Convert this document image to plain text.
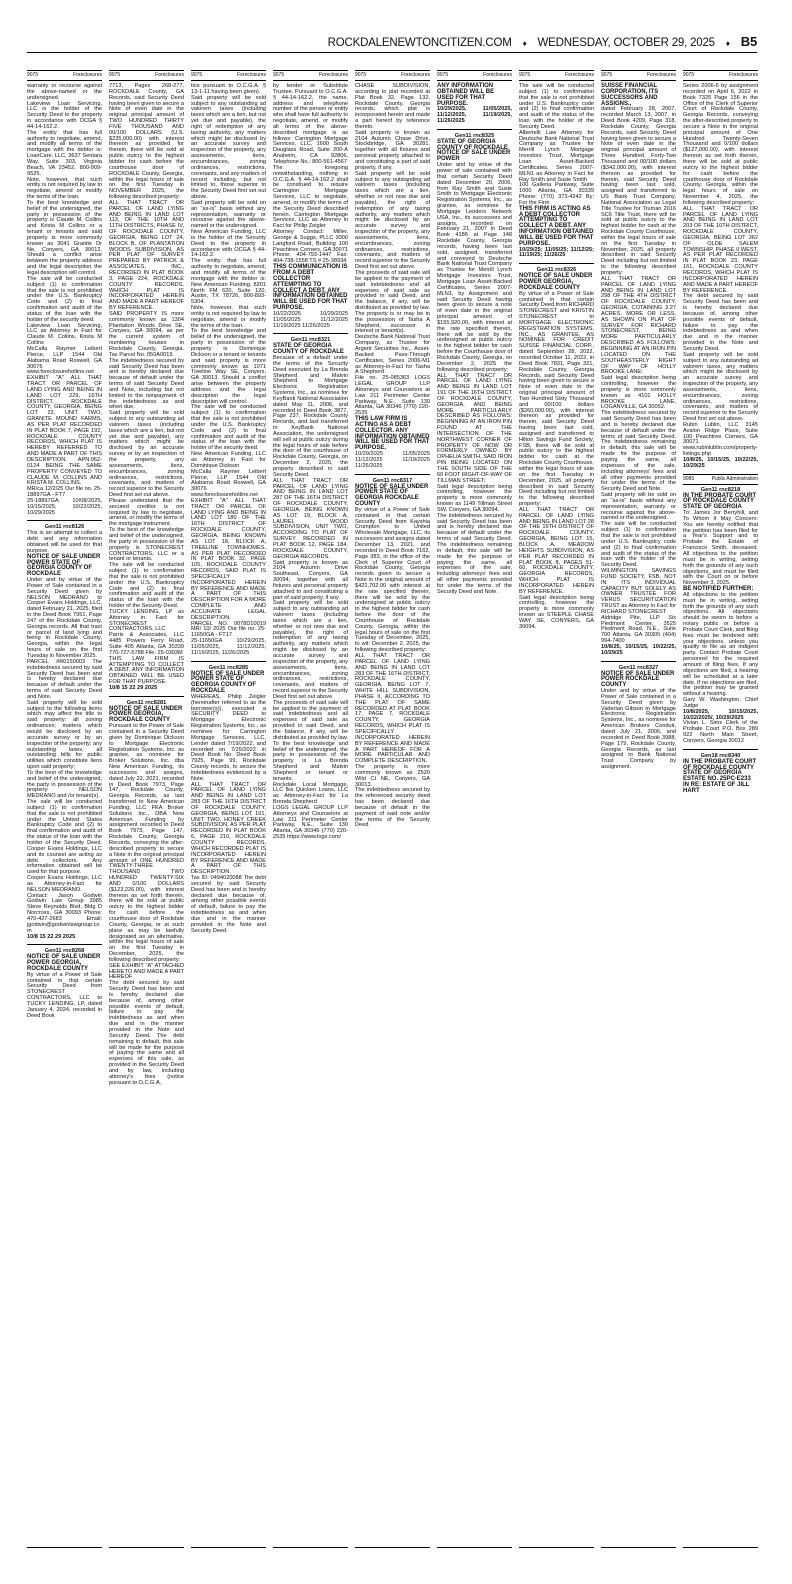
ROCKDALENEWTONCITIZEN.COM ♦ WEDNESDAY, OCTOBER 29, 2025 ♦ B5
9075	Foreclosures

warranty or recourse against the above-named or the undersigned.

Lakeview Loan Servicing, LLC is the holder of the Security Deed to the property in accordance with OCGA § 44-14-162.2.

The entity that has full authority to negotiate, amend, and modify all terms of the mortgage with the debtor is: LoanCare, LLC, 3637 Sentara Way, Suite 303, Virginia Beach, VA 23452, 800-909-9525.

Note, however, that such entity is not required by law to negotiate, amend or modify the terms of the loan.

To the best knowledge and belief of the undersigned, the party in possession of the property is Claude M. Collins and Krista M Collins or a tenant or tenants and said property is more commonly known as 3041 Granite Dr Ne, Conyers, GA 30012. Should a conflict arise between the property address and the legal description the legal description will control.

The sale will be conducted subject (1) to confirmation that the sale is not prohibited under the U.S. Bankruptcy Code and (2) to final confirmation and audit of the status of the loan with the holder of the security deed.

Lakeview Loan Servicing, LLC as Attorney in Fact for Claude M. Collins, Krista M Collins

McCalla Raymer Leibert Pierce, LLP 1544 Old Alabama Road Roswell, GA 30076 www.foreclosurehotline.net

EXHIBIT "A" ALL THAT TRACT OR PARCEL OF LAND LYING AND BEING IN LAND LOT 229, 16TH DISTRICT, ROCKDALE COUNTY, GEORGIA, BEING LOT 22, UNIT TWO, GRANITE MOUND FARMS, AS PER PLAT RECORDED IN PLAT BOOK 7, PAGE 192, ROCKDALE COUNTY RECORDS, WHICH PLAT IS HEREBY REFERRED TO AND MADE A PART OF THIS DESCRIPTION. APN:062-0124 BEING THE SAME PROPERTY CONVEYED TO CLAUDE M. COLLINS AND KRISTA M. COLLINS.

MR/ca 12/2/25 Our file no. 25-18897GA - FT7

25-18897GA 10/08/2025, 10/15/2025, 10/22/2025, 10/29/2025

Gen11 rnc8126

This is an attempt to collect a debt and any information obtained will be used for that purpose.

NOTICE OF SALE UNDER POWER STATE OF GEORGIA COUNTY OF ROCKDALE

Under and by virtue of the Power of Sale contained in a Security Deed given by NELSON MEDRANO to Cooper Evans Holdings, LLC, dated February 21, 2025, filed in the Deed Book 7951, Page 247 of the Rockdale County, Georgia records. All that tract or parcel of land lying and being in Rockdale County, Georgia, within the legal hours of sale on the first Tuesday in November 2025.

PARCEL #R0150003 The indebtedness secured by said Security Deed has been and is hereby declared due because of default under the terms of said Security Deed and Note.

Said property will be sold subject to the following items which may affect the title to said property: all zoning ordinances; matters which would be disclosed by an accurate survey or by an inspection of the property; any outstanding taxes; all outstanding bills for public utilities which constitute liens upon said property;

To the best of the knowledge and belief of the undersigned, the party in possession of the property NELSON MEDRANO and /or tenant(s).

The sale will be conducted subject (1) to confirmation that the sale is not prohibited under the United States Bankruptcy Code and (2) to final confirmation and audit of the status of the loan with the holder of the Security Deed. Cooper Evans Holdings, LLC and its counsel are acting as debt collectors. Any information obtained will be used for that purpose.

Cooper Evans Holdings, LLC as Attorney-in-Fact for NELSON MEDRANO.

Contact: Jason Godwin Godwin Law Group 3985 Steve Reynolds Blvd, Bldg D Norcross, GA 30093 Phone: 470-427-2683 Email: jgodwin@godwinlawgroup.com

10/8 15 22 29 2025

Gen11 rnc8268

NOTICE OF SALE UNDER POWER GEORGIA, ROCKDALE COUNTY

By virtue of a Power of Sale contained in that certain Security Deed from STONECREST CONTRACTORS, LLC to TUCKY LENDING, LP, dated January 4, 2024, recorded in Deed Book

9075	Foreclosures

7713, Pages 268-277, ROCKDALE County, GA Records, said Security Deed having been given to secure a Note of even date in the original principal amount of TWO HUNDRED THIRTY FIVE THOUSAND AND 00/100 DOLLARS (U.S. $235,000.00) with interest thereon as provided for therein, there will be sold at public outcry to the highest bidder for cash before the courthouse door of ROCKDALE County, Georgia, within the legal hours of sale on the first Tuesday in NOVEMBER 2025, the following described property:

ALL THAT TRACT OR PARCEL OF LAND LYING AND BEING IN LAND LOT 113, OF THE 10TH AND 11TH DISTRICTS, PHASE IV, OF ROCKDALE COUNTY, GEORGIA, BEING LOT 24, BLOCK B, OF PLANTATION WOODS SUBDIVISION, AS PER PLAT OF SURVEY PREPARED BY PATRICK & ASSOCIATES, INC., RECORDED IN PLAT BOOK 3, PAGE 224, ROCKDALE COUNTY RECORDS, WHICH PLAT IS INCORPORATED HEREIN AND MADE A PART HEREOF BY REFERENCE.

SAID PROPERTY IS more commonly known as 1304 Plantation Woods Drive SE, Conyers, GA 30094, as per the current system of numbering houses in Rockdale County, Georgia. Tax Parcel No. 050A0019.

The indebtedness secured by said Security Deed has been and is hereby declared due because of default under the terms of said Security Deed and Note, including but not limited to the nonpayment of the indebtedness as and when due.

Said property will be sold subject to any outstanding ad valorem taxes (including taxes which are a lien, but not yet due and payable), any matters which might be disclosed by an accurate survey or by an inspection of the property, any assessments, liens, encumbrances, zoning ordinances, restrictions, covenants, and matters of record superior to the Security Deed first set out above.

Please understand that the secured creditor is not required by law to negotiate, amend, or modify the terms of the mortgage instrument.

To the best of the knowledge and belief of the undersigned, the party in possession of the property is STONECREST CONTRACTORS, LLC or a tenant or tenants.

The sale will be conducted subject (1) to confirmation that the sale is not prohibited under the U.S. Bankruptcy Code and (2) to final confirmation and audit of the status of the loan with the holder of the Security Deed.

TUCKY LENDING, LP as Attorney in Fact for STONECREST CONTRACTORS, LLC

Parris & Associates, LLC 4485 Powers Ferry Road, Suite 405 Atlanta, GA 30339 770-727-5788 File: 25-0303M

THIS LAW FIRM IS ATTEMPTING TO COLLECT A DEBT. ANY INFORMATION OBTAINED WILL BE USED FOR THAT PURPOSE.

10/8 15 22 29 2025

Gen11 rnc8281

NOTICE OF SALE UNDER POWER GEORGIA, ROCKDALE COUNTY

Pursuant to the Power of Sale contained in a Security Deed given by Dominique Dickson to Mortgage Electronic Registration Systems, Inc. as grantee, as nominee for Broker Solutions, Inc. dba New American Funding, its successors and assigns, dated July 22, 2021, recorded in Deed Book 7973, Page 147, Rockdale County, Georgia Records, as last transferred to New American Funding, LLC FKA Broker Solutions Inc., DBA New American Funding by assignment recorded in Deed Book 7973, Page 147, Rockdale County, Georgia Records, conveying the after-described property to secure a Note in the original principal amount of ONE HUNDRED TWENTY-THREE THOUSAND TWO HUNDRED TWENTY-SIX AND 0/100 DOLLARS ($123,226.00), with interest thereon as set forth therein, there will be sold at public outcry to the highest bidder for cash before the courthouse door of Rockdale County, Georgia, or at such place as may be lawfully designated as an alternative, within the legal hours of sale on the first Tuesday in December, 2025, the following described property:

SEE EXHIBIT "A" ATTACHED HERETO AND MADE A PART HEREOF

The debt secured by said Security Deed has been and is hereby declared due because of, among other possible events of default, failure to pay the indebtedness as and when due and in the manner provided in the Note and Security Deed. The debt remaining in default, this sale will be made for the purpose of paying the same and all expenses of this sale, as provided in the Security Deed and by law, including attorney's fees (notice pursuant to O.C.G.A.

9075	Foreclosures

tice pursuant to O.C.G.A. § 13-1-11 having been given).

Said property will be sold subject to any outstanding ad valorem taxes (including taxes which are a lien, but not yet due and payable), the right of redemption of any taxing authority, any matters which might be disclosed by an accurate survey and inspection of the property, any assessments, liens, encumbrances, zoning ordinances, restrictions, covenants, and any matters of record including, but not limited to, those superior to the Security Deed first set out above.

Said property will be sold on an "as-is" basis without any representation, warranty or recourse against the above-named or the undersigned.

New American Funding, LLC is the holder of the Security Deed to the property in accordance with OCGA § 44-14-162.2.

The entity that has full authority to negotiate, amend, and modify all terms of the mortgage with the debtor is: New American Funding, 8201 North FM 620, Suite 120, Austin, TX 78726, 800-893-5304.

Note, however, that such entity is not required by law to negotiate, amend or modify the terms of the loan.

To the best knowledge and belief of the undersigned, the party in possession of the property is Dominique Dickson or a tenant or tenants and said property is more commonly known as 1071 Treeline Way SE, Conyers, GA 30013. Should a conflict arise between the property address and the legal description the legal description will control.

The sale will be conducted subject (1) to confirmation that the sale is not prohibited under the U.S. Bankruptcy Code and (2) to final confirmation and audit of the status of the loan with the holder of the security deed.

New American Funding, LLC as Attorney in Fact for Dominique Dickson

McCalla Raymer Leibert Pierce, LLP 1544 Old Alabama Road Roswell, GA 30076 www.foreclosurehotline.net

EXHIBIT "A" ALL THAT TRACT OR PARCEL OF LAND LYING AND BEING IN LAND LOT 180 OF THE 16TH DISTRICT OF ROCKDALE COUNTY, GEORGIA, BEING KNOWN AS LOT 18, BLOCK A, TREELINE TOWNHOMES, AS PER PLAT RECORDED IN PLAT BOOK 32, PAGE 105, ROCKDALE COUNTY RECORDS, SAID PLAT IS SPECIFICALLY INCORPORATED HEREIN BY REFERENCE AND MADE A PART OF THIS DESCRIPTION FOR A MORE COMPLETE AND ACCURATE LEGAL DESCRIPTION.

PARCEL NO. 0078D10019 MR/ 10/ 2025 Our file no. 25-11650GA - FT17

25-11650GA 10/29/2025, 11/05/2025, 11/12/2025, 11/19/2025, 11/26/2025

Gen11 rnc8285

NOTICE OF SALE UNDER POWER STATE OF GEORGIA COUNTY OF ROCKDALE

WHEREAS, Philip Zeigler (hereinafter referred to as the borrower(s)), executed a SECURITY DEED to Mortgage Electronic Registration Systems, Inc., as nominee for Carrington Mortgage Services, LLC. Lender dated 7/19/2022, and recorded on 7/25/2022 in Deed Book No. Deed Book 7925, Page 99, Rockdale County records, to secure the indebtedness evidenced by a Note.

ALL THAT TRACT OR PARCEL OF LAND LYING AND BEING IN LAND LOT 283 OF THE 16TH DISTRICT OF ROCKDALE COUNTY, GEORGIA, BEING LOT 101, UNIT TWO, HONEY CREEK SUBDIVISION, AS PER PLAT RECORDED IN PLAT BOOK 6, PAGE 210, ROCKDALE COUNTY RECORDS, WHICH RECORDED PLAT IS INCORPORATED HEREIN BY REFERENCE AND MADE A PART OF THIS DESCRIPTION.

Tax ID: 0494020088 The debt secured by said Security Deed has been and is hereby declared due because of, among other possible events of default, failure to pay the indebtedness as and when due and in the manner provided in the Note and Security Deed.

9075	Foreclosures

by lender or Substitute Trustee. Pursuant to O.C.G.A. § 44-14-162.2, the name, address and telephone number of the person or entity who shall have full authority to negotiate, amend, or modify all terms of the above-described mortgage is as follows: Carrington Mortgage Services, LLC, 1600 South Douglass Road, Suite 200-A Anaheim, CA 92806, Telephone No.: 800-561-4567

The foregoing notwithstanding, nothing in O.C.G.A. § 44-14-162.2 shall be construed to require Carrington Mortgage Services, LLC to negotiate, amend, or modify the terms of the Security Deed described herein. Carrington Mortgage Services, LLC as Attorney in Fact for Philip Zeigler

Attorney Contact: Miller, George & Suggs, PLLC 3000 Langford Road, Building 100 Peachtree Corners, GA 30071 Phone: 404-793-1447 Fax: 404-738-1558 TS # 25-38934

THIS COMMUNICATION IS FROM A DEBT COLLECTOR ATTEMPTING TO COLLECT A DEBT. ANY INFORMATION OBTAINED WILL BE USED FOR THAT PURPOSE.

10/22/2025 10/29/2025 11/05/2025 11/12/2025 11/19/2025 11/26/2025

Gen11 rnc8321

STATE OF GEORGIA COUNTY OF ROCKDALE

Because of a default under the terms of the Security Deed executed by La Brenda Shepherd and Malvin Shepherd to Mortgage Electronic Registration Systems, Inc., as nominee for KeyBank National Association dated May 11, 2006, and recorded in Deed Book 3877, Page 237, Rockdale County Records, and last transferred to KeyBank National Association, the undersigned will sell at public outcry during the legal hours of sale before the door of the courthouse of Rockdale County, Georgia, on December 2, 2025, the property described in said Security Deed.

ALL THAT TRACT OR PARCEL OF LAND LYING AND BEING IN LAND LOT 287 OF THE 16TH DISTRICT OF ROCKDALE COUNTY, GEORGIA, BEING KNOWN AS LOT 19, BLOCK A, LAUREL WOOD SUBDIVISION, UNIT TWO, ACCORDING TO PLAT OF SURVEY RECORDED IN PLAT BOOK 12, PAGE 184, ROCKDALE COUNTY, GEORGIA RECORDS.

Said property is known as 2104 Autumn Drive Southeast, Conyers, GA 30094, together with all fixtures and personal property attached to and constituting a part of said property, if any.

Said property will be sold subject to any outstanding ad valorem taxes (including taxes which are a lien, whether or not now due and payable), the right of redemption of any taxing authority, any matters which might be disclosed by an accurate survey and inspection of the property, any assessments, liens, encumbrances, zoning ordinances, restrictions, covenants, and matters of record superior to the Security Deed first set out above.

The proceeds of said sale will be applied to the payment of said indebtedness and all expenses of said sale as provided in said Deed, and the balance, if any, will be distributed as provided by law.

To the best knowledge and belief of the undersigned, the party in possession of the property is La Brenda Shepherd and Malvin Shepherd or tenant or tenants.

Rockdale Local Mortgage, LLC fka Quicken Loans, LLC as Attorney-in-Fact for La Brenda Shepherd

LOGS LEGAL GROUP LLP Attorneys and Counselors at Law 211 Perimeter Center Parkway, N.E., Suite 130 Atlanta, GA 30346 (770) 220-2535 https://www.logs.com/

9075	Foreclosures

CHASE SUBDIVISION, according to plat recorded at Plat Book 32, Page 132, Rockdale County, Georgia records, which plat is incorporated herein and made a part hereof by reference thereto.

Said property is known as 2104 Autumn Chase Drive, Stockbridge, GA 30281, together with all fixtures and personal property attached to and constituting a part of said property, if any.

Said property will be sold subject to any outstanding ad valorem taxes (including taxes which are a lien, whether or not now due and payable), the right of redemption of any taxing authority, any matters which might be disclosed by an accurate survey and inspection of the property, any assessments, liens, encumbrances, zoning ordinances, restrictions, covenants, and matters of record superior to the Security Deed first set out above.

The proceeds of said sale will be applied to the payment of said indebtedness and all expenses of said sale as provided in said Deed, and the balance, if any, will be distributed as provided by law.

The property is or may be in the possession of Tasha A Shepherd, successor in interest or tenant(s).

Deutsche Bank National Trust Company, as Trustee for Argent Securities Inc., Asset-Backed Pass-Through Certificates, Series 2006-M1 as Attorney-in-Fact for Tasha A Shepherd

File no. 25-085363 LOGS LEGAL GROUP LLP Attorneys and Counselors at Law 211 Perimeter Center Parkway, N.E., Suite 130 Atlanta, GA 30346 (770) 220-2535

THIS LAW FIRM IS ACTING AS A DEBT COLLECTOR. ANY INFORMATION OBTAINED WILL BE USED FOR THAT PURPOSE.

10/29/2025 11/05/2025 11/12/2025 11/19/2025 11/26/2025

Gen11 rnc8317

NOTICE OF SALE UNDER POWER STATE OF GEORGIA ROCKDALE COUNTY

By virtue of a Power of Sale contained in that certain Security Deed from Kayshia Crumpton to United Wholesale Mortgage, LLC, its successors and assigns dated December 13, 2021, and recorded in Deed Book 7162, Page 383, in the office of the Clerk of Superior Court of Rockdale County, Georgia records given to secure a Note in the original amount of $422,702.00 with interest at the rate specified therein, there will be sold by the undersigned at public outcry to the highest bidder for cash before the door of the Courthouse of Rockdale County, Georgia, within the legal hours of sale on the first Tuesday of December, 2025, to wit: December 2, 2025, the following described property:

ALL THAT TRACT OR PARCEL OF LAND LYING AND BEING IN LAND LOT 283 OF THE 16TH DISTRICT, ROCKDALE COUNTY, GEORGIA, BEING LOT 7, WHITE HILL SUBDIVISION, PHASE II, ACCORDING TO THE PLAT OF SAME RECORDED AT PLAT BOOK 17, PAGE 7, ROCKDALE COUNTY, GEORGIA RECORDS, WHICH PLAT IS SPECIFICALLY INCORPORATED HEREIN BY REFERENCE AND MADE A PART HEREOF FOR A MORE PARTICULAR AND COMPLETE DESCRIPTION.

The property is more commonly known as 2520 Wild Ct NE, Conyers, GA 30013.

The indebtedness secured by the referenced security deed has been declared due because of default in the payment of said note and/or the terms of the Security Deed.

9075	Foreclosures

ANY INFORMATION OBTAINED WILL BE USED FOR THAT PURPOSE.

10/29/2025, 11/05/2025, 11/12/2025, 11/19/2025, 11/26/2025

Gen11 rnc8325

STATE OF GEORGIA COUNTY OF ROCKDALE NOTICE OF SALE UNDER POWER

Under and by virtue of the power of sale contained with that certain Security Deed dated December 20, 2006, from Ray Smith and Susie Smith to Mortgage Electronic Registration Systems, Inc., as grantee, as nominee for Mortgage Lenders Network USA, Inc., its successors and assigns, recorded on February 21, 2007 in Deed Book 4186 at Page 148 Rockdale County, Georgia records, having been last sold, assigned, transferred and conveyed to Deutsche Bank National Trust Company as Trustee for Merrill Lynch Mortgage Investors Trust, Mortgage Loan Asset-Backed Certificates, Series 2007-MLN1, by Assignment and said Security Deed having been given to secure a note of even date in the original principal amount of $155,920.00, with interest at the rate specified therein, there will be sold by the undersigned at public outcry to the highest bidder for cash before the Courthouse door of Rockdale County, Georgia, on December 2, 2025 the following described property:

ALL THAT TRACT OR PARCEL OF LAND LYING AND BEING IN LAND LOT 191 OF THE 16TH DISTRICT OF ROCKDALE COUNTY, GEORGIA, AND BEING MORE PARTICULARLY DESCRIBED AS FOLLOWS: BEGINNING AT AN IRON PIN FOUND AT THE INTERSECTION OF THE NORTHWEST CORNER OF PROPERTY OF NOW OR FORMERLY OWNED BY OPHELIA SMITH, SAID IRON PIN BEING LOCATED ON THE SOUTH SIDE OF THE 60 FOOT RIGHT-OF-WAY OF TILLMAN STREET;

Said legal description being controlling, however the property is more commonly known as 1149 Tillman Street SW, Conyers, GA 30094.

The indebtedness secured by said Security Deed has been and is hereby declared due because of default under the terms of said Security Deed. The indebtedness remaining in default, this sale will be made for the purpose of paying the same, all expenses of the sale, including attorneys' fees and all other payments provided for under the terms of the Security Deed and Note.

9075	Foreclosures

The sale will be conducted subject (1) to confirmation that the sale is not prohibited under U.S. Bankruptcy code and (2) to final confirmation and audit of the status of the loan with the holder of the Security Deed.

Albertelli Law Attorney for Deutsche Bank National Trust Company as Trustee for Merrill Lynch Mortgage Investors Trust, Mortgage Loan Asset-Backed Certificates, Series 2007-MLN1 as Attorney in Fact for Ray Smith and Susie Smith

100 Galleria Parkway, Suite 1000 Atlanta, GA 30339 Phone: (770) 373-4242 By: For the Firm

THIS FIRM IS ACTING AS A DEBT COLLECTOR ATTEMPTING TO COLLECT A DEBT. ANY INFORMATION OBTAINED WILL BE USED FOR THAT PURPOSE.

10/29/25; 11/05/25; 11/12/25; 11/19/25; 11/26/25

Gen11 rnc8326

NOTICE OF SALE UNDER POWER GEORGIA, ROCKDALE COUNTY

By virtue of a Power of Sale contained in that certain Security Deed from RICHARD STONECREST and KRISTIN STONECREST to MORTGAGE ELECTRONIC REGISTRATION SYSTEMS, INC., AS GRANTEE, AS NOMINEE FOR CREDIT SUISSE FINANCIAL CORP., dated September 28, 2022, recorded October 11, 2022, in Deed Book 7831, Page 321, Rockdale County, Georgia Records, said Security Deed having been given to secure a Note of even date in the original principal amount of Two Hundred Sixty Thousand and 00/100 dollars ($260,000.00), with interest thereon as provided for therein, said Security Deed having been last sold, assigned and transferred to Hilton Savings Fund Society, FSB, there will be sold at public outcry to the highest bidder for cash at the Rockdale County Courthouse, within the legal hours of sale on the first Tuesday in December, 2025, all property described in said Security Deed including but not limited to the following described property:

ALL THAT TRACT OR PARCEL OF LAND LYING AND BEING IN LAND LOT 28 OF THE 16TH DISTRICT OF ROCKDALE COUNTY, GEORGIA, BEING LOT 15, BLOCK A, MEADOW HEIGHTS SUBDIVISION, AS PER PLAT RECORDED IN PLAT BOOK 8, PAGES 51-60, ROCKDALE COUNTY, GEORGIA RECORDS, WHICH PLAT IS INCORPORATED HEREIN BY REFERENCE.

Said legal description being controlling, however the property is more commonly known as STEEPLE CHASE WAY SE, CONYERS, GA 30094.

9075	Foreclosures

SUISSE FINANCIAL CORPORATION, ITS SUCCESSORS AND ASSIGNS.,

dated February 28, 2007, recorded March 13, 2007, in Deed Book 4209, Page 318, Rockdale County, Georgia Records, said Security Deed having been given to secure a Note of even date in the original principal amount of Three Hundred Forty-Two Thousand and 00/100 dollars ($342,000.00), with interest thereon as provided for therein, said Security Deed having been last sold, assigned and transferred to US Bank Trust Company, National Association as Legal Title Trustee for Truman 2016 SC6 Title Trust, there will be sold at public outcry to the highest bidder for cash at the Rockdale County Courthouse, within the legal hours of sale on the first Tuesday in November, 2025, all property described in said Security Deed including but not limited to the following described property:

ALL THAT TRACT OR PARCEL OF LAND LYING AND BEING IN LAND LOT 298 OF THE 4TH DISTRICT OF ROCKDALE COUNTY, GEORGIA, COTAINING 3.27 ACRES, MORE OR LESS, AS SHOWN ON PLAT OF SURVEY FOR RICHARD STONECREST, BEING MORE PARTICULARLY DESCRIBED AS FOLLOWS: BEGINNING AT AN IRON PIN LOCATED ON THE SOUTHEASTERLY RIGHT OF WAY OF HOLLY BROOKE LANE;

Said legal description being controlling, however the property is more commonly known as 4101 HOLLY BROOKE LANE, LOGANVILLE, GA 30052.

The indebtedness secured by said Security Deed has been and is hereby declared due because of default under the terms of said Security Deed. The indebtedness remaining in default, this sale will be made for the purpose of paying the same, all expenses of the sale, including attorneys' fees and all other payments provided for under the terms of the Security Deed and Note.

Said property will be sold on an "as-is" basis without any representation, warranty or recourse against the above-named or the undersigned.

The sale will be conducted subject (1) to confirmation that the sale is not prohibited under U.S. Bankruptcy code and (2) to final confirmation and audit of the status of the loan with the holder of the Security Deed.

WILMINGTON SAVINGS FUND SOCIETY, FSB, NOT IN ITS INDIVIDUAL CAPACITY BUT SOLELY AS OWNER TRUSTEE FOR VERUS SECURITIZATION TRUST as Attorney in Fact for RICHARD STONECREST

Aldridge Pite, LLP Six Piedmont Center, 3525 Piedmont Road, N.E., Suite 700 Atlanta, GA 30305 (404) 994-7400

10/8/25, 10/15/25, 10/22/25, 10/29/25

Gen11 rnc8327

NOTICE OF SALE UNDER POWER ROCKDALE COUNTY

Under and by virtue of the Power of Sale contained in a Security Deed given by Vaderian Gibson to Mortgage Electronic Registration Systems, Inc., as nominee for American Brokers Conduit, dated July 21, 2006, and recorded in Deed Book 3988, Page 179, Rockdale County, Georgia Records, as last assigned to Bank National Trust Company by assignment.

9075	Foreclosures

Series 2006-6 by assignment recorded on April 6, 2022 in Book 7325 Page 156 in the Office of the Clerk of Superior Court of Rockdale County, Georgia Records, conveying the after-described property to secure a Note in the original principal amount of One Hundred Twenty-Seven Thousand and 0/100 dollars ($127,000.00), with interest thereon as set forth therein, there will be sold at public outcry to the highest bidder for cash before the courthouse door of Rockdale County, Georgia, within the legal hours of sale on November 4, 2025, the following described property:

ALL THAT TRACT OR PARCEL OF LAND LYING AND BEING IN LAND LOT 203 OF THE 10TH DISTRICT, ROCKDALE COUNTY, GEORGIA, BEING LOT 362 OF OLDE SALEM TOWNSHIP, PHASE II WEST, AS PER PLAT RECORDED IN PLAT BOOK 23, PAGE 161, ROCKDALE COUNTY RECORDS, WHICH PLAT IS INCORPORATED HEREIN AND MADE A PART HEREOF BY REFERENCE.

The debt secured by said Security Deed has been and is hereby declared due because of, among other possible events of default, failure to pay the indebtedness as and when due and in the manner provided in the Note and Security Deed.

Said property will be sold subject to any outstanding ad valorem taxes, any matters which might be disclosed by an accurate survey and inspection of the property, any assessments, liens, encumbrances, zoning ordinances, restrictions, covenants, and matters of record superior to the Security Deed first set out above.

Rubin Lublin, LLC 3145 Avalon Ridge Place, Suite 100 Peachtree Corners, GA 30071 www.rubinlublin.com/property-listings.php

10/8/25, 10/15/25, 10/22/25, 10/29/25

9085	Public Administration

Gen11 rnc8218

IN THE PROBATE COURT OF ROCKDALE COUNTY STATE OF GEORGIA

To: James Jor Berryhill, and To Whom It May Concern: You are hereby notified that the petition has been filed for a Year's Support and to Probate the Estate of Francisco Smith, deceased. All objections to the petition must be in writing, setting forth the grounds of any such objections, and must be filed with the Court on or before November 3, 2025.

BE NOTIFIED FURTHER:

All objections to the petition must be in writing, setting forth the grounds of any such objections. All objections should be sworn to before a notary public or before a Probate Court Clerk, and filing fees must be tendered with your objections, unless you qualify to file as an indigent party. Contact Probate Court personnel for the required amount of filing fees. If any objections are filed, a hearing will be scheduled at a later date. If no objections are filed, the petition may be granted without a hearing.

Gary W. Washington, Chief Judge

10/8/2025, 10/15/2025, 10/22/2025/, 10/29/2025

Vivian L. Sims Clerk of the Probate Court P.O. Box 289 922 North Main Street, Conyers, Georgia 30012

Gen18 rnc8340

IN THE PROBATE COURT OF ROCKDALE COUNTY STATE OF GEORGIA ESTATE NO. 25PC-E233 IN RE: ESTATE OF JILL HART
